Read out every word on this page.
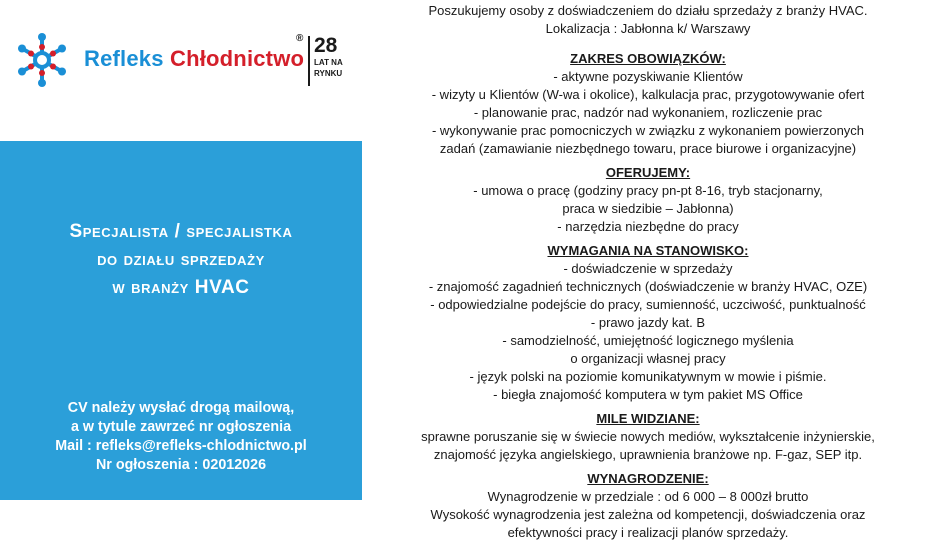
Refleks Chłodnictwo
® 28
LAT NA
RYNKU
Specjalista / specjalistka
do działu sprzedaży
w branży HVAC
CV należy wysłać drogą mailową,
a w tytule zawrzeć nr ogłoszenia
Mail : refleks@refleks-chlodnictwo.pl
Nr ogłoszenia : 02012026
Poszukujemy osoby z doświadczeniem do działu sprzedaży z branży HVAC.
Lokalizacja : Jabłonna k/ Warszawy
ZAKRES OBOWIĄZKÓW:
- aktywne pozyskiwanie Klientów
- wizyty u Klientów (W-wa i okolice), kalkulacja prac, przygotowywanie ofert
- planowanie prac, nadzór nad wykonaniem, rozliczenie prac
- wykonywanie prac pomocniczych w związku z wykonaniem powierzonych
zadań (zamawianie niezbędnego towaru, prace biurowe i organizacyjne)
OFERUJEMY:
- umowa o pracę (godziny pracy pn-pt 8-16, tryb stacjonarny,
praca w siedzibie – Jabłonna)
- narzędzia niezbędne do pracy
WYMAGANIA NA STANOWISKO:
- doświadczenie w sprzedaży
- znajomość zagadnień technicznych (doświadczenie w branży HVAC, OZE)
- odpowiedzialne podejście do pracy, sumienność, uczciwość, punktualność
- prawo jazdy kat. B
- samodzielność, umiejętność logicznego myślenia
o organizacji własnej pracy
- język polski na poziomie komunikatywnym w mowie i piśmie.
- biegła znajomość komputera w tym pakiet MS Office
MILE WIDZIANE:
sprawne poruszanie się w świecie nowych mediów, wykształcenie inżynierskie,
znajomość języka angielskiego, uprawnienia branżowe np. F-gaz, SEP itp.
WYNAGRODZENIE:
Wynagrodzenie w przedziale : od 6 000 – 8 000zł brutto
Wysokość wynagrodzenia jest zależna od kompetencji, doświadczenia oraz
efektywności pracy i realizacji planów sprzedaży.
